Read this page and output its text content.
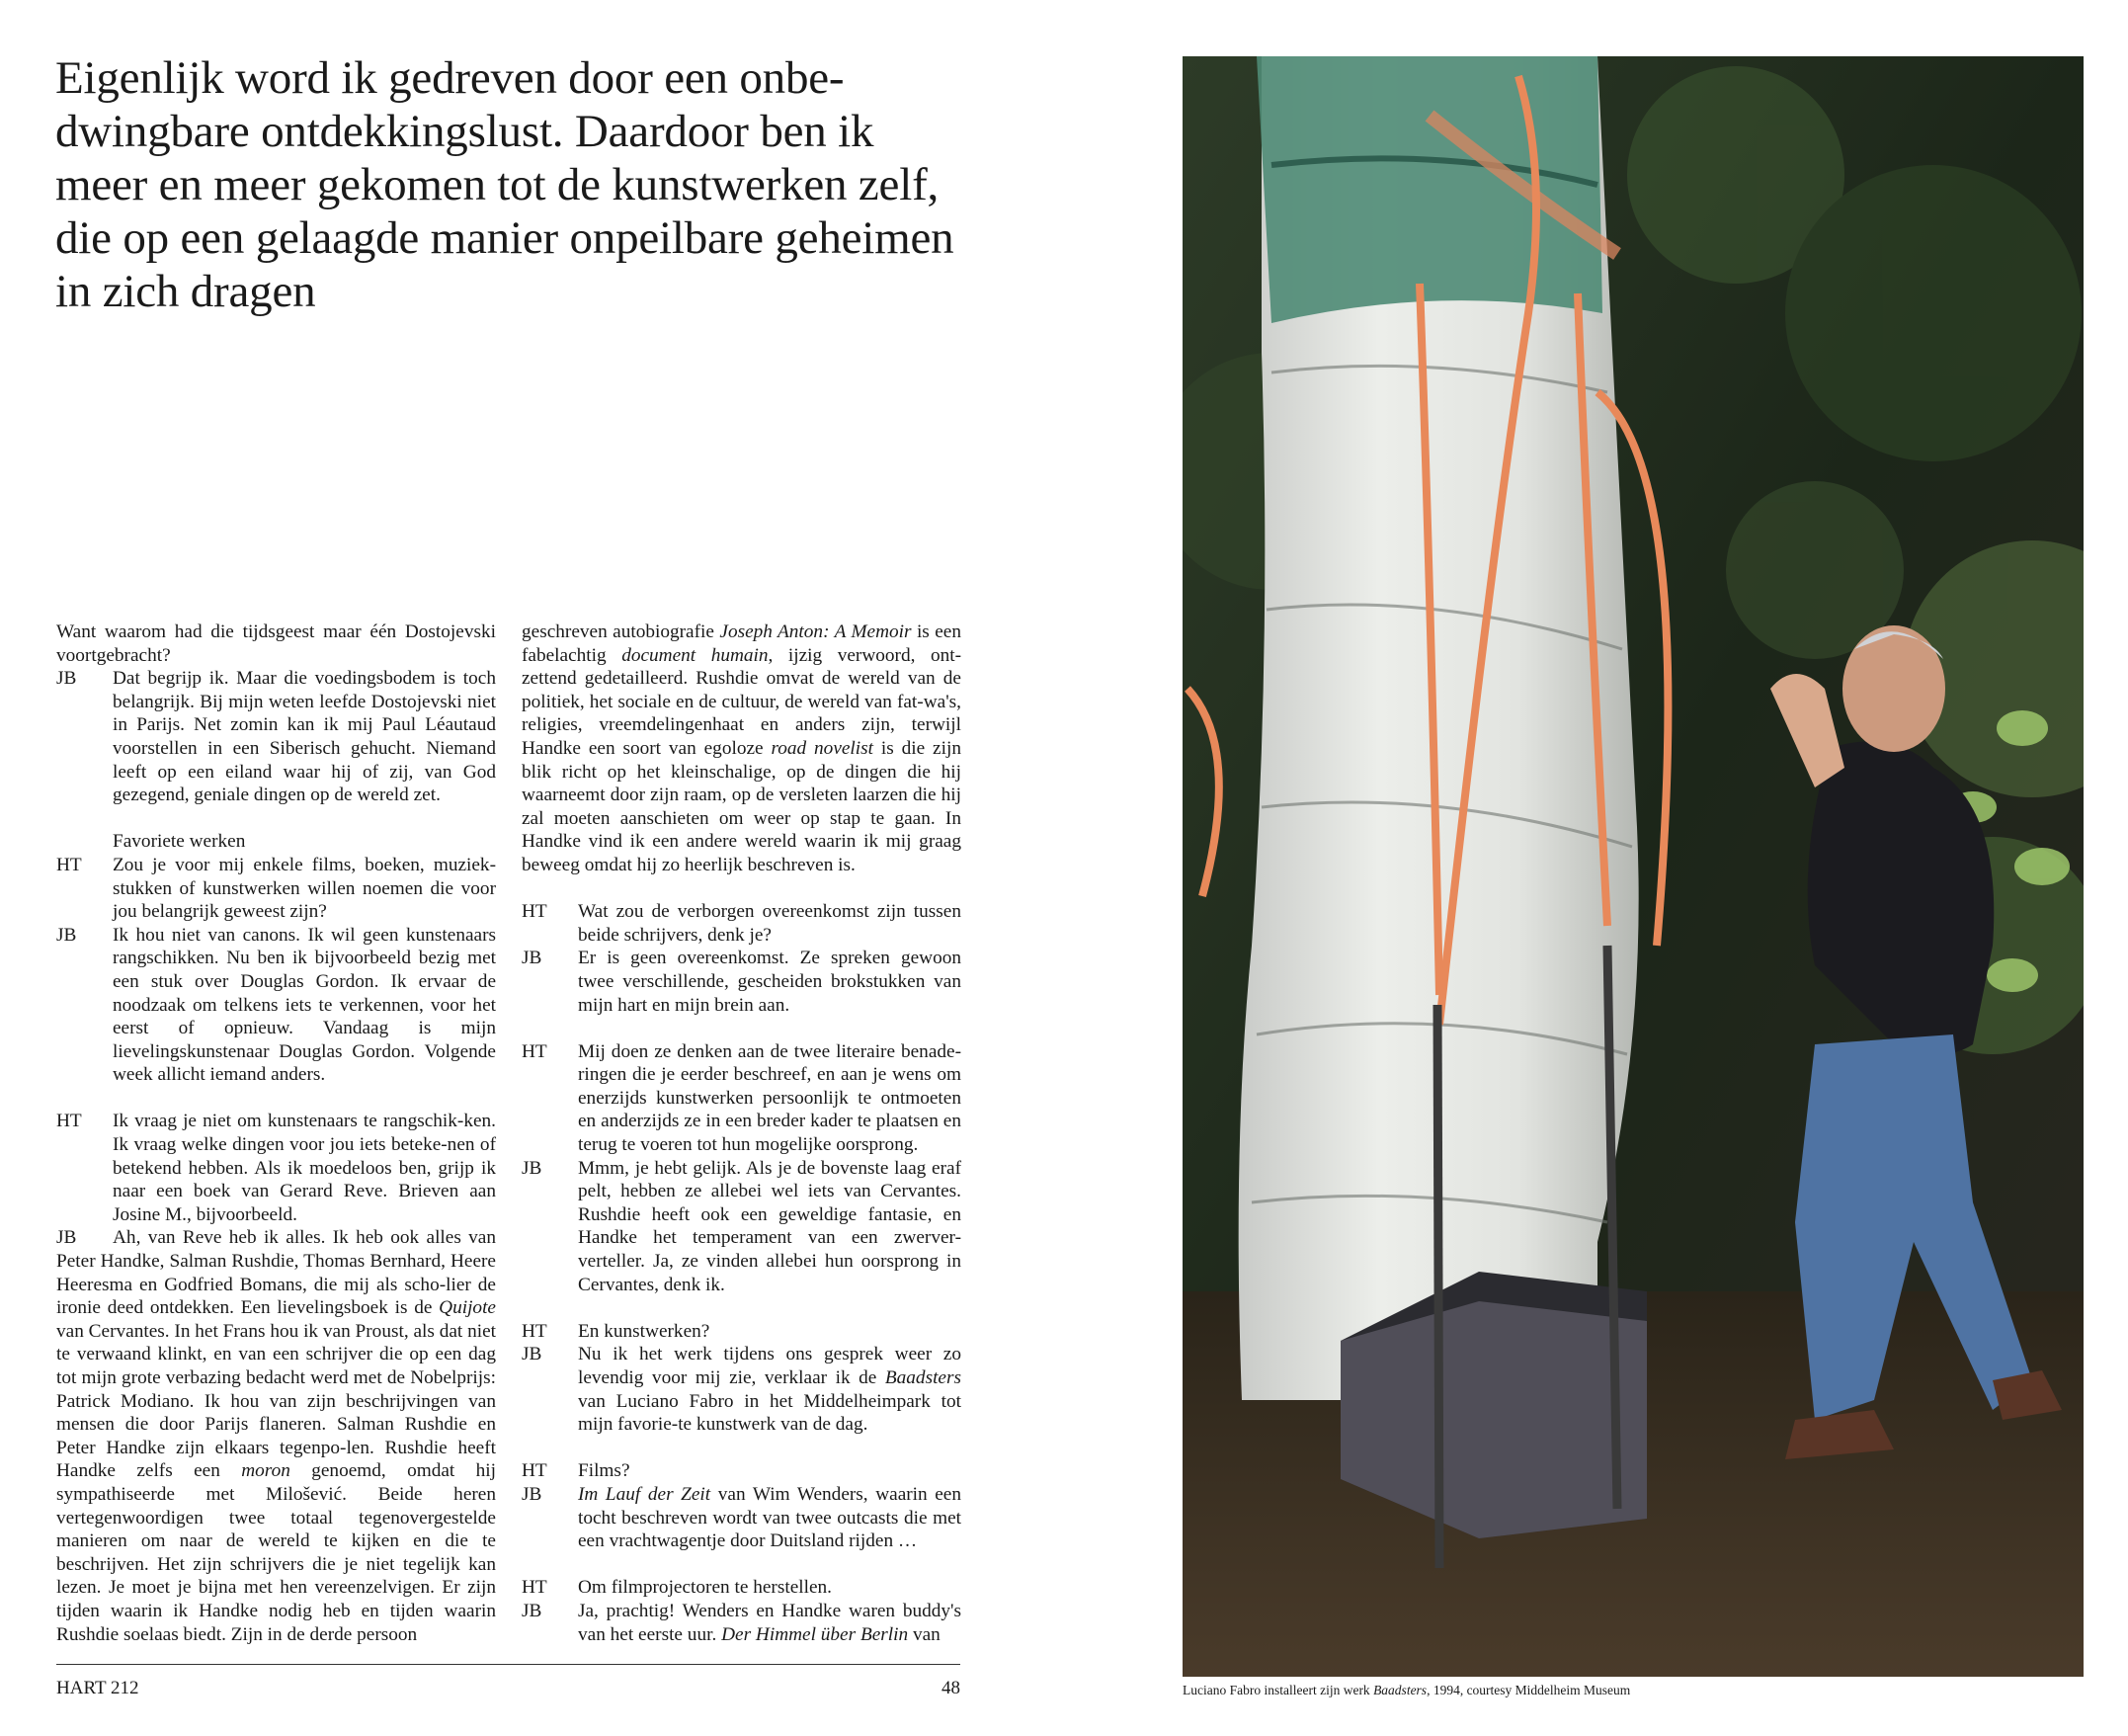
Eigenlijk word ik gedreven door een onbe-dwingbare ontdekkingslust. Daardoor ben ik meer en meer gekomen tot de kunstwerken zelf, die op een gelaagde manier onpeilbare geheimen in zich dragen

Want waarom had die tijdsgeest maar één Dostojevski voortgebracht?

JB	Dat begrijp ik. Maar die voedingsbodem is toch belangrijk. Bij mijn weten leefde Dostojevski niet in Parijs. Net zomin kan ik mij Paul Léautaud voorstellen in een Siberisch gehucht. Niemand leeft op een eiland waar hij of zij, van God gezegend, geniale dingen op de wereld zet.

Favoriete werken

HT	Zou je voor mij enkele films, boeken, muziek-stukken of kunstwerken willen noemen die voor jou belangrijk geweest zijn?
JB	Ik hou niet van canons. Ik wil geen kunstenaars rangschikken. Nu ben ik bijvoorbeeld bezig met een stuk over Douglas Gordon. Ik ervaar de noodzaak om telkens iets te verkennen, voor het eerst of opnieuw. Vandaag is mijn lievelingskunstenaar Douglas Gordon. Volgende week allicht iemand anders.
HT	Ik vraag je niet om kunstenaars te rangschik-ken. Ik vraag welke dingen voor jou iets beteke-nen of betekend hebben. Als ik moedeloos ben, grijp ik naar een boek van Gerard Reve. Brieven aan Josine M., bijvoorbeeld.

JB Ah, van Reve heb ik alles. Ik heb ook alles van Peter Handke, Salman Rushdie, Thomas Bernhard, Heere Heeresma en Godfried Bomans, die mij als scho-lier de ironie deed ontdekken. Een lievelingsboek is de Quijote van Cervantes. In het Frans hou ik van Proust, als dat niet te verwaand klinkt, en van een schrijver die op een dag tot mijn grote verbazing bedacht werd met de Nobelprijs: Patrick Modiano. Ik hou van zijn beschrijvingen van mensen die door Parijs flaneren. Salman Rushdie en Peter Handke zijn elkaars tegenpo-len. Rushdie heeft Handke zelfs een moron genoemd, omdat hij sympathiseerde met Milošević. Beide heren vertegenwoordigen twee totaal tegenovergestelde manieren om naar de wereld te kijken en die te beschrijven. Het zijn schrijvers die je niet tegelijk kan lezen. Je moet je bijna met hen vereenzelvigen. Er zijn tijden waarin ik Handke nodig heb en tijden waarin Rushdie soelaas biedt. Zijn in de derde persoon

geschreven autobiografie Joseph Anton: A Memoir is een fabelachtig document humain, ijzig verwoord, ont-zettend gedetailleerd. Rushdie omvat de wereld van de politiek, het sociale en de cultuur, de wereld van fat-wa's, religies, vreemdelingenhaat en anders zijn, terwijl Handke een soort van egoloze road novelist is die zijn blik richt op het kleinschalige, op de dingen die hij waarneemt door zijn raam, op de versleten laarzen die hij zal moeten aanschieten om weer op stap te gaan. In Handke vind ik een andere wereld waarin ik mij graag beweeg omdat hij zo heerlijk beschreven is.

HT	Wat zou de verborgen overeenkomst zijn tussen beide schrijvers, denk je?
JB	Er is geen overeenkomst. Ze spreken gewoon twee verschillende, gescheiden brokstukken van mijn hart en mijn brein aan.
HT	Mij doen ze denken aan de twee literaire benade-ringen die je eerder beschreef, en aan je wens om enerzijds kunstwerken persoonlijk te ontmoeten en anderzijds ze in een breder kader te plaatsen en terug te voeren tot hun mogelijke oorsprong.
JB	Mmm, je hebt gelijk. Als je de bovenste laag eraf pelt, hebben ze allebei wel iets van Cervantes. Rushdie heeft ook een geweldige fantasie, en Handke het temperament van een zwerver-verteller. Ja, ze vinden allebei hun oorsprong in Cervantes, denk ik.
HT	En kunstwerken?
JB	Nu ik het werk tijdens ons gesprek weer zo levendig voor mij zie, verklaar ik de Baadsters van Luciano Fabro in het Middelheimpark tot mijn favorie-te kunstwerk van de dag.
HT	Films?
JB	Im Lauf der Zeit van Wim Wenders, waarin een tocht beschreven wordt van twee outcasts die met een vrachtwagentje door Duitsland rijden …
HT	Om filmprojectoren te herstellen.
JB	Ja, prachtig! Wenders en Handke waren buddy's van het eerste uur. Der Himmel über Berlin van
HART 212	48	Luciano Fabro installeert zijn werk Baadsters, 1994, courtesy Middelheim Museum
